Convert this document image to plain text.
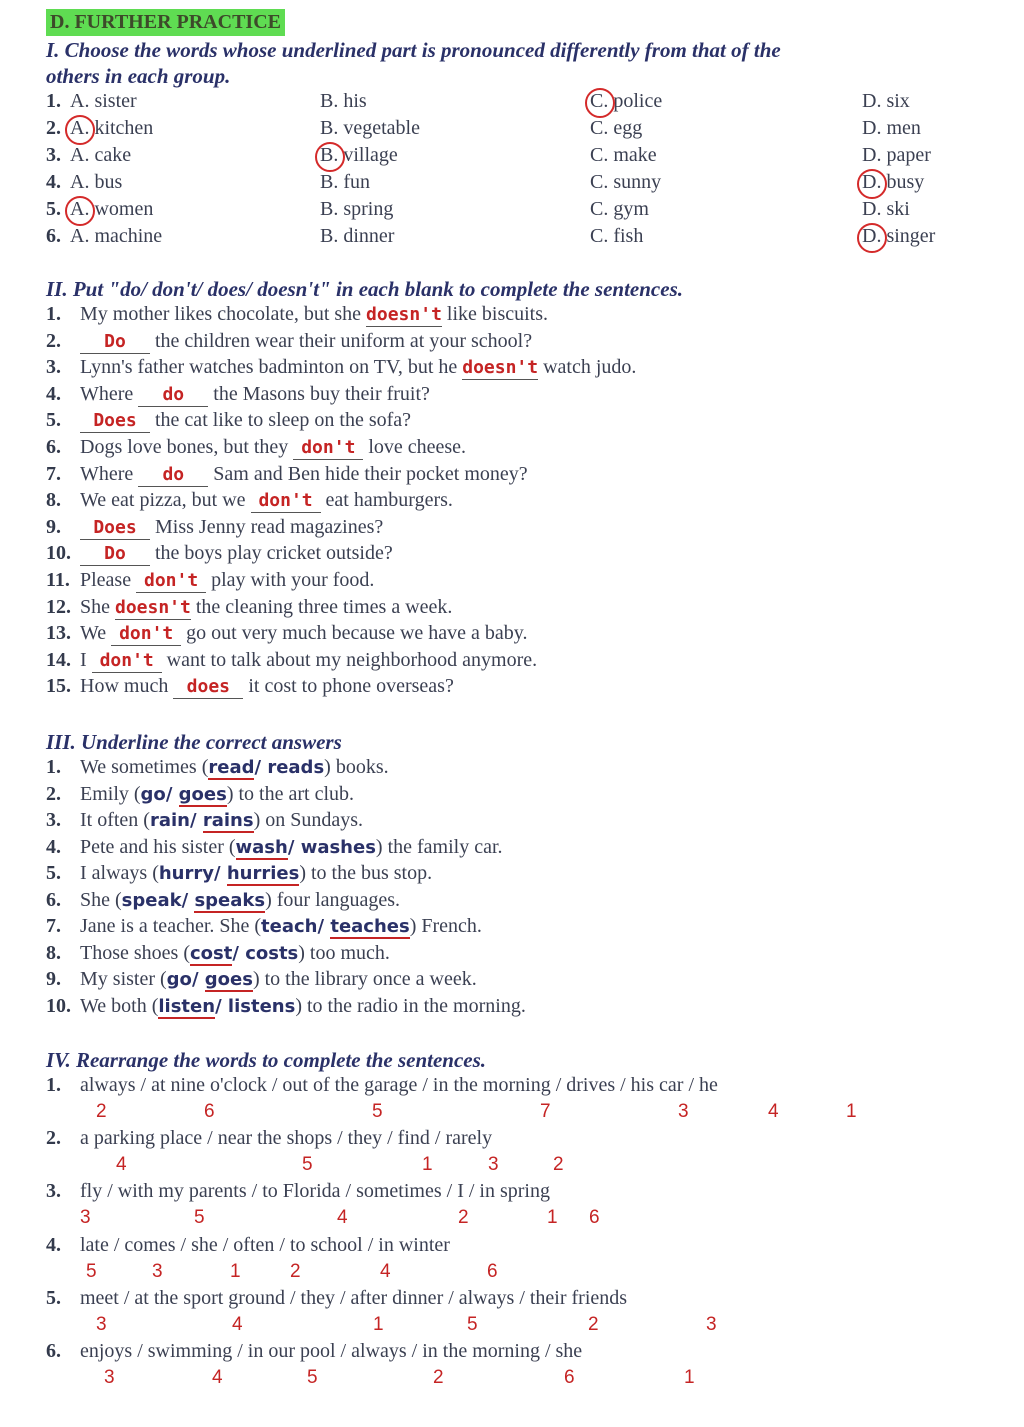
D. FURTHER PRACTICE
I. Choose the words whose underlined part is pronounced differently from that of the
others in each group.
1. A. sister	B. his	C. police	D. six
2. A. kitchen	B. vegetable	C. egg	D. men
3. A. cake	B. village	C. make	D. paper
4. A. bus	B. fun	C. sunny	D. busy
5. A. women	B. spring	C. gym	D. ski
6. A. machine	B. dinner	C. fish	D. singer
II. Put "do/ don't/ does/ doesn't" in each blank to complete the sentences.
1. My mother likes chocolate, but she doesn't like biscuits.
2.	Do the children wear their uniform at your school?
3. Lynn's father watches badminton on TV, but he doesn't watch judo.
4. Where do the Masons buy their fruit?
5.	Does the cat like to sleep on the sofa?
6. Dogs love bones, but they don't love cheese.
7. Where do Sam and Ben hide their pocket money?
8. We eat pizza, but we don't eat hamburgers.
9.	Does Miss Jenny read magazines?
10.	Do the boys play cricket outside?
11. Please don't play with your food.
12. She doesn't the cleaning three times a week.
13. We don't go out very much because we have a baby.
14. I don't want to talk about my neighborhood anymore.
15. How much does it cost to phone overseas?
III. Underline the correct answers
1. We sometimes (read/ reads) books.
2. Emily (go/ goes) to the art club.
3. It often (rain/ rains) on Sundays.
4. Pete and his sister (wash/ washes) the family car.
5. I always (hurry/ hurries) to the bus stop.
6. She (speak/ speaks) four languages.
7. Jane is a teacher. She (teach/ teaches) French.
8. Those shoes (cost/ costs) too much.
9. My sister (go/ goes) to the library once a week.
10. We both (listen/ listens) to the radio in the morning.
IV. Rearrange the words to complete the sentences.
1. always / at nine o'clock / out of the garage / in the morning / drives / his car / he
2	6	5	7	3	4	1
2. a parking place / near the shops / they / find / rarely
4	5	1	3	2
3. fly / with my parents / to Florida / sometimes / I / in spring
3	5	4	2	1 6
4. late / comes / she / often / to school / in winter
5	3	1	2	4	6
5. meet / at the sport ground / they / after dinner / always / their friends
3	4	1	5	2	3
6. enjoys / swimming / in our pool / always / in the morning / she
3	4	5	2	6	1
